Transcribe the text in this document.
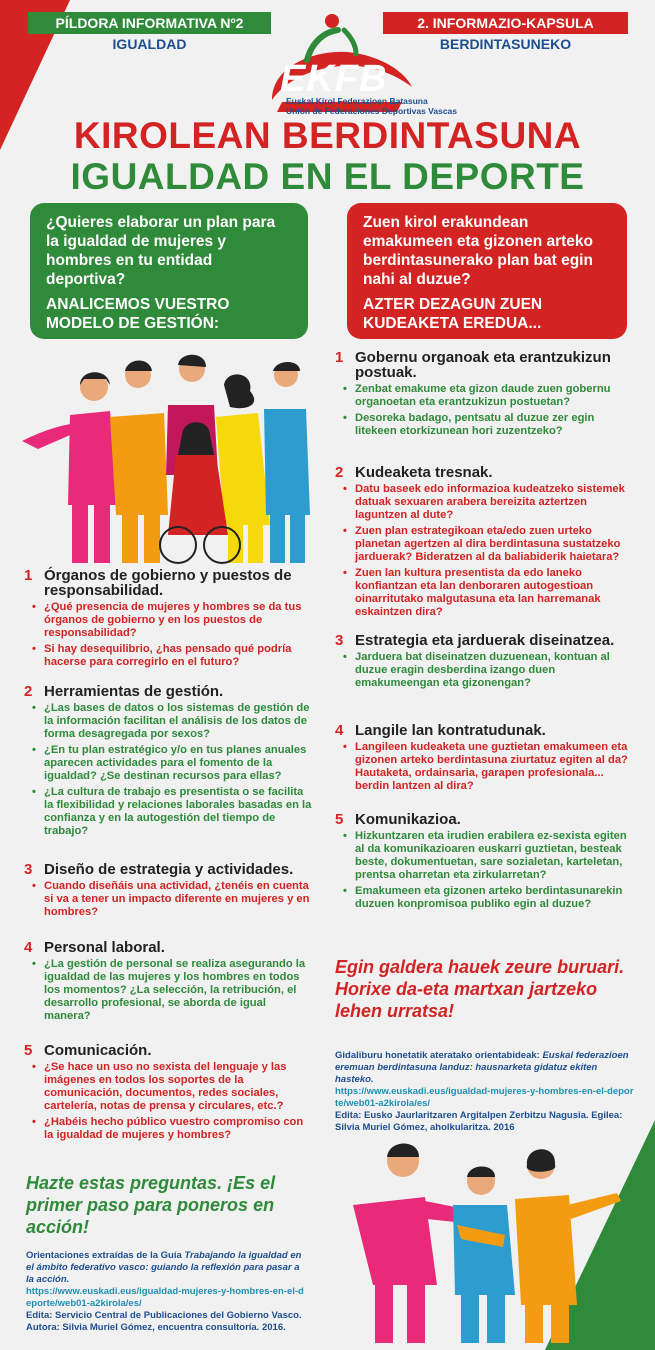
PÍLDORA INFORMATIVA Nº2
IGUALDAD
2. INFORMAZIO-KAPSULA
BERDINTASUNEKO
EKFB
Euskal Kirol Federazioen Batasuna
Unión de Federaciones Deportivas Vascas
KIROLEAN BERDINTASUNA
IGUALDAD EN EL DEPORTE
¿Quieres elaborar un plan para la igualdad de mujeres y hombres en tu entidad deportiva?
ANALICEMOS VUESTRO MODELO DE GESTIÓN:
Zuen kirol erakundean emakumeen eta gizonen arteko berdintasunerako plan bat egin nahi al duzue?
AZTER DEZAGUN ZUEN KUDEAKETA EREDUA...
1 Órganos de gobierno y puestos de responsabilidad.
• ¿Qué presencia de mujeres y hombres se da tus órganos de gobierno y en los puestos de responsabilidad?
• Si hay desequilibrio, ¿has pensado qué podría hacerse para corregirlo en el futuro?
2 Herramientas de gestión.
• ¿Las bases de datos o los sistemas de gestión de la información facilitan el análisis de los datos de forma desagregada por sexos?
• ¿En tu plan estratégico y/o en tus planes anuales aparecen actividades para el fomento de la igualdad? ¿Se destinan recursos para ellas?
• ¿La cultura de trabajo es presentista o se facilita la flexibilidad y relaciones laborales basadas en la confianza y en la autogestión del tiempo de trabajo?
3 Diseño de estrategia y actividades.
• Cuando diseñáis una actividad, ¿tenéis en cuenta si va a tener un impacto diferente en mujeres y en hombres?
4 Personal laboral.
• ¿La gestión de personal se realiza asegurando la igualdad de las mujeres y los hombres en todos los momentos? ¿La selección, la retribución, el desarrollo profesional, se aborda de igual manera?
5 Comunicación.
• ¿Se hace un uso no sexista del lenguaje y las imágenes en todos los soportes de la comunicación, documentos, redes sociales, cartelería, notas de prensa y circulares, etc.?
• ¿Habéis hecho público vuestro compromiso con la igualdad de mujeres y hombres?
Hazte estas preguntas. ¡Es el primer paso para poneros en acción!
Orientaciones extraídas de la Guía Trabajando la igualdad en el ámbito federativo vasco: guiando la reflexión para pasar a la acción.
https://www.euskadi.eus/igualdad-mujeres-y-hombres-en-el-deporte/web01-a2kirola/es/
Edita: Servicio Central de Publicaciones del Gobierno Vasco. Autora: Silvia Muriel Gómez, encuentra consultoría. 2016.
1 Gobernu organoak eta erantzukizun postuak.
• Zenbat emakume eta gizon daude zuen gobernu organoetan eta erantzukizun postuetan?
• Desoreka badago, pentsatu al duzue zer egin litekeen etorkizunean hori zuzentzeko?
2 Kudeaketa tresnak.
• Datu baseek edo informazioa kudeatzeko sistemek datuak sexuaren arabera bereizita aztertzen laguntzen al dute?
• Zuen plan estrategikoan eta/edo zuen urteko planetan agertzen al dira berdintasuna sustatzeko jarduerak? Bideratzen al da baliabiderik haietara?
• Zuen lan kultura presentista da edo laneko konfiantzan eta lan denboraren autogestioan oinarritutako malgutasuna eta lan harremanak eskaintzen dira?
3 Estrategia eta jarduerak diseinatzea.
• Jarduera bat diseinatzen duzuenean, kontuan al duzue eragin desberdina izango duen emakumeengan eta gizonengan?
4 Langile lan kontratudunak.
• Langileen kudeaketa une guztietan emakumeen eta gizonen arteko berdintasuna ziurtatuz egiten al da? Hautaketa, ordainsaria, garapen profesionala... berdin lantzen al dira?
5 Komunikazioa.
• Hizkuntzaren eta irudien erabilera ez-sexista egiten al da komunikazioaren euskarri guztietan, besteak beste, dokumentuetan, sare sozialetan, karteletan, prentsa oharretan eta zirkularretan?
• Emakumeen eta gizonen arteko berdintasunarekin duzuen konpromisoa publiko egin al duzue?
Egin galdera hauek zeure buruari. Horixe da-eta martxan jartzeko lehen urratsa!
Gidaliburu honetatik ateratako orientabideak: Euskal federazioen eremuan berdintasuna landuz: hausnarketa gidatuz ekiten hasteko.
https://www.euskadi.eus/igualdad-mujeres-y-hombres-en-el-deporte/web01-a2kirola/es/
Edita: Eusko Jaurlaritzaren Argitalpen Zerbitzu Nagusia. Egilea: Silvia Muriel Gómez, aholkularitza. 2016
